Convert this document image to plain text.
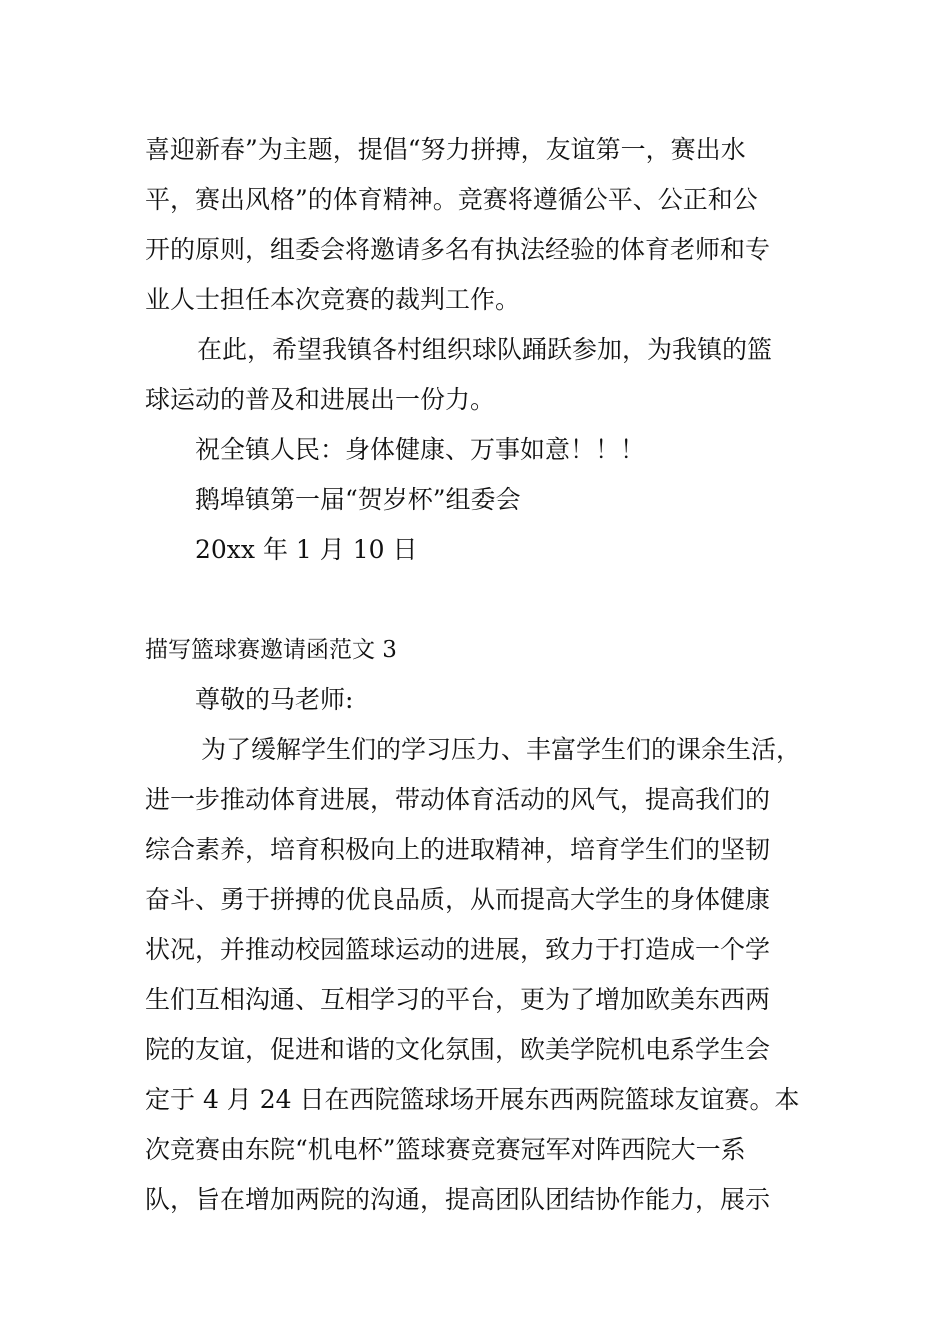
喜迎新春”为主题，提倡“努力拼搏，友谊第一，赛出水
平，赛出风格”的体育精神。竞赛将遵循公平、公正和公
开的原则，组委会将邀请多名有执法经验的体育老师和专
业人士担任本次竞赛的裁判工作。
在此，希望我镇各村组织球队踊跃参加，为我镇的篮
球运动的普及和进展出一份力。
祝全镇人民：身体健康、万事如意！！！
鹅埠镇第一届“贺岁杯”组委会
20xx 年 1 月 10 日
描写篮球赛邀请函范文 3
尊敬的马老师:
为了缓解学生们的学习压力、丰富学生们的课余生活，
进一步推动体育进展，带动体育活动的风气，提高我们的
综合素养，培育积极向上的进取精神，培育学生们的坚韧
奋斗、勇于拼搏的优良品质，从而提高大学生的身体健康
状况，并推动校园篮球运动的进展，致力于打造成一个学
生们互相沟通、互相学习的平台，更为了增加欧美东西两
院的友谊，促进和谐的文化氛围，欧美学院机电系学生会
定于 4 月 24 日在西院篮球场开展东西两院篮球友谊赛。本
次竞赛由东院“机电杯”篮球赛竞赛冠军对阵西院大一系
队，旨在增加两院的沟通，提高团队团结协作能力，展示
